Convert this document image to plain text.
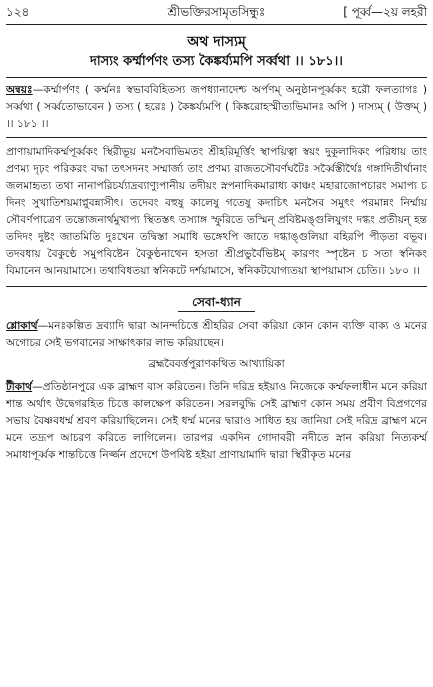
১২৪	শ্রীভক্তিরসামৃতসিন্ধুঃ	[ পূর্ব্ব—২য় লহরী
অথ দাস্যম্
দাস্যং কর্ম্মার্পণং তস্য কৈঙ্কর্য্যমপি সর্ব্বথা ।। ১৮১।।
অন্বয়ঃ—কর্ম্মার্পণং ( কর্ম্মনঃ স্বভাববিহিতস্য জপধ্যানাদেশ্চ অর্পণম্ অনুষ্ঠানপূর্ব্বকং হরৌ ফলত্যাগঃ ) সর্ব্বথা ( সর্ব্বতোভাবেন ) তস্য ( হরেঃ ) কৈঙ্কর্য্যমপি ( কিঙ্করোহস্মীত্যভিমানঃ অপি ) দাস্যম্ ( উক্তম্ ) ।। ১৮১ ।।
প্রাণায়ামাদিকর্ম্মপূর্ব্বকং স্থিরীভূয় মনসৈবাভিমতং শ্রীহরিমূর্ত্তিং স্থাপয়িত্বা স্বয়ং দুকূলাদিকং পরিধায় তাং প্রণম্য দৃঢ়ং পরিকরং বদ্ধা তৎসদনং সম্মার্জ্য তাং প্রণম্য রাজতসৌবর্ণঘটৈঃ সর্ব্বৈস্তীর্থৈঃ গঙ্গাদিতীর্থানাং জলমাহৃত্য তথা নানাপরিচর্য্যাদ্রব্যাণ্যুপানীয় তদীয়ং স্নপনাদিকমারাধ্য কাঞ্চং মহারাজোপচারং সমাপ্য চ দিনং সুখাতিশয়মাপ্নুবন্নাসীৎ। তদেবং বহুষু কালেষু গতেষু কদাচিৎ মনসৈব সমুৎং পরমান্নং নির্ম্মায় সৌবর্ণপাত্রেণ তন্তোজনার্থমুখাপ্য স্থিতস্তৎ তস্যাঙ্গ স্ফুরিতে তস্মিন্ প্রবিষ্টমঙ্গুলিযুগং দগ্ধং প্রতীয়ন্ হন্ত তদিদং দুষ্টং জাতমিতি দুঃখেন তদ্বিস্তা সমাধি ভঙ্গেঽপি জাতে দগ্ধাঙ্গুলিয়া বহিরপি পীড়তা বভূব। তদবধায় বৈকুণ্ঠে সমুপবিষ্টেন বৈকুণ্ঠনাথেন হসতা শ্রীপ্রভুর্বৈভিষ্টম্ কারণং স্পৃষ্টেন চ সতা স্বনিকং বিমানেন আনয়ামাসে। তথাবিধতয়া স্বনিকটে দর্শয়ামাসে, স্বনিকটযোগ্যতয়া স্থাপয়ামাস চেতি।। ১৮০ ।।
সেবা-ধ্যান
শ্লোকার্থ—মনঃকল্পিত দ্রব্যাদি দ্বারা আনন্দচিত্তে শ্রীহরির সেবা করিয়া কোন কোন ব্যক্তি বাক্য ও মনের অগোচর সেই ভগবানের সাক্ষাৎকার লাভ করিয়াছেন।
ব্রহ্মবৈবর্ত্তপুরাণকথিত আখ্যায়িকা
টীকার্থ—প্রতিষ্ঠানপুরে এক ব্রাহ্মণ বাস করিতেন। তিনি দরিদ্র হইয়াও নিজেকে কর্ম্মফলাধীন মনে করিয়া শান্ত অর্থাৎ উদ্বেগরহিত চিত্তে কালক্ষেপ করিতেন। সরলবুদ্ধি সেই ব্রাহ্মণ কোন সময় প্রবীণ বিপ্রগণের সভায় বৈষ্ণবধর্ম্ম শ্রবণ করিয়াছিলেন। সেই ধর্ম্ম মনের দ্বারাও সাধিত হয় জানিয়া সেই দরিদ্র ব্রাহ্মণ মনে মনে তদ্রূপ আচরণ করিতে লাগিলেন। তারপর একদিন গোদাবরী নদীতে স্নান করিয়া নিত্যকর্ম্ম সমাধাপূর্ব্বক শান্তচিত্তে নির্জ্জন প্রদেশে উপবিষ্ট হইয়া প্রাণায়ামাদি দ্বারা স্থিরীকৃত মনের
